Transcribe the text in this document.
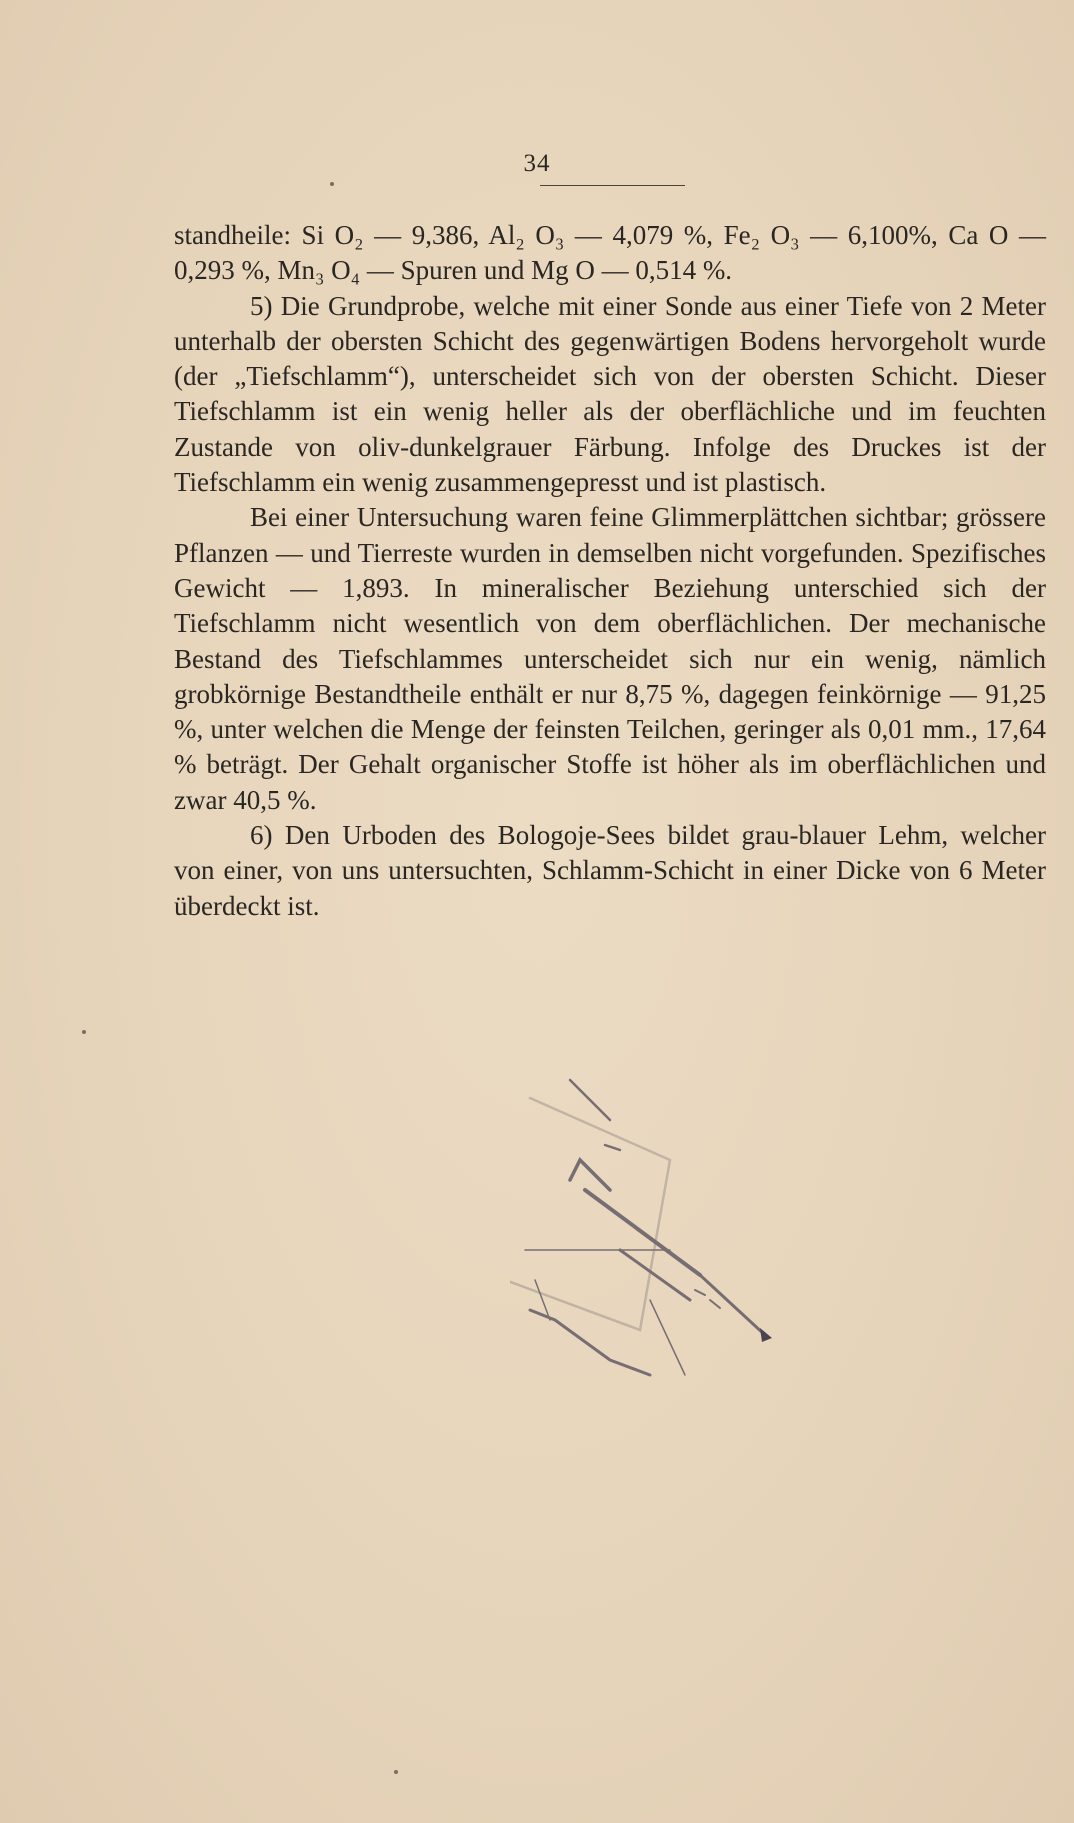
34

standheile: Si O₂ — 9,386, Al₂ O₃ — 4,079 %, Fe₂ O₃ — 6,100%, Ca O — 0,293 %, Mn₃ O₄ — Spuren und Mg O — 0,514 %.

5) Die Grundprobe, welche mit einer Sonde aus einer Tiefe von 2 Meter unterhalb der obersten Schicht des gegenwärtigen Bodens hervorgeholt wurde (der „Tiefschlamm“), unterscheidet sich von der obersten Schicht. Dieser Tiefschlamm ist ein wenig heller als der oberflächliche und im feuchten Zustande von oliv-dunkelgrauer Färbung. Infolge des Druckes ist der Tiefschlamm ein wenig zusammengepresst und ist plastisch.

Bei einer Untersuchung waren feine Glimmerplättchen sichtbar; grössere Pflanzen — und Tierreste wurden in demselben nicht vorgefunden. Spezifisches Gewicht — 1,893. In mineralischer Beziehung unterschied sich der Tiefschlamm nicht wesentlich von dem oberflächlichen. Der mechanische Bestand des Tiefschlammes unterscheidet sich nur ein wenig, nämlich grobkörnige Bestandtheile enthält er nur 8,75 %, dagegen feinkörnige — 91,25 %, unter welchen die Menge der feinsten Teilchen, geringer als 0,01 mm., 17,64 % beträgt. Der Gehalt organischer Stoffe ist höher als im oberflächlichen und zwar 40,5 %.

6) Den Urboden des Bologoje-Sees bildet grau-blauer Lehm, welcher von einer, von uns untersuchten, Schlamm-Schicht in einer Dicke von 6 Meter überdeckt ist.
